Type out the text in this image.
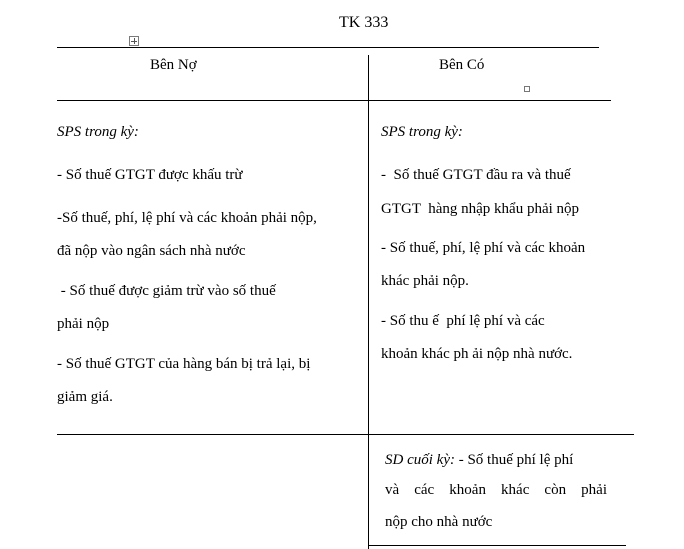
TK 333
Bên Nợ	Bên Có
SPS trong kỳ:
- Số thuế GTGT được khấu trừ
-Số thuế, phí, lệ phí và các khoản phải nộp,
đã nộp vào ngân sách nhà nước
- Số thuế được giảm trừ vào số thuế
phải nộp
- Số thuế GTGT của hàng bán bị trả lại, bị
giảm giá.
SPS trong kỳ:
-  Số thuế GTGT đầu ra và thuế
GTGT  hàng nhập khẩu phải nộp
- Số thuế, phí, lệ phí và các khoản
khác phải nộp.
- Số thu ế  phí lệ phí và các
khoản khác ph ải nộp nhà nước.
SD cuối kỳ: - Số thuế phí lệ phí
và các khoản khác còn phải
nộp cho nhà nước
